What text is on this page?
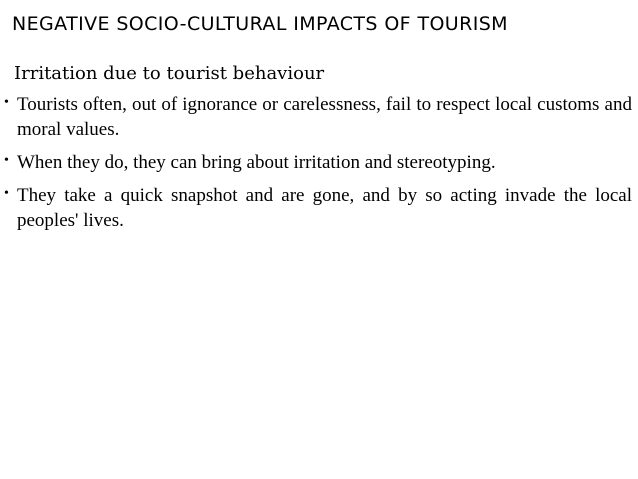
NEGATIVE SOCIO-CULTURAL IMPACTS OF TOURISM
Irritation due to tourist behaviour
• Tourists often, out of ignorance or carelessness, fail to respect local customs and moral values.
• When they do, they can bring about irritation and stereotyping.
• They take a quick snapshot and are gone, and by so acting invade the local peoples' lives.
